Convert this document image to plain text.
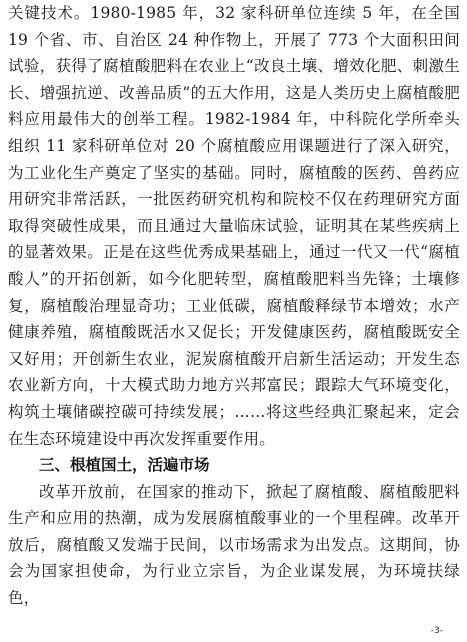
关键技术。1980-1985 年，32 家科研单位连续 5 年，在全国 19 个省、市、自治区 24 种作物上，开展了 773 个大面积田间试验，获得了腐植酸肥料在农业上“改良土壤、增效化肥、刺激生长、增强抗逆、改善品质”的五大作用，这是人类历史上腐植酸肥料应用最伟大的创举工程。1982-1984 年，中科院化学所牵头组织 11 家科研单位对 20 个腐植酸应用课题进行了深入研究，为工业化生产奠定了坚实的基础。同时，腐植酸的医药、兽药应用研究非常活跃，一批医药研究机构和院校不仅在药理研究方面取得突破性成果，而且通过大量临床试验，证明其在某些疾病上的显著效果。正是在这些优秀成果基础上，通过一代又一代“腐植酸人”的开拓创新，如今化肥转型，腐植酸肥料当先锋；土壤修复，腐植酸治理显奇功；工业低碳，腐植酸释绿节本增效；水产健康养殖，腐植酸既活水又促长；开发健康医药，腐植酸既安全又好用；开创新生农业，泥炭腐植酸开启新生活运动；开发生态农业新方向，十大模式助力地方兴邦富民；跟踪大气环境变化，构筑土壤储碳控碳可持续发展；……将这些经典汇聚起来，定会在生态环境建设中再次发挥重要作用。

三、根植国土，活遍市场

改革开放前，在国家的推动下，掀起了腐植酸、腐植酸肥料生产和应用的热潮，成为发展腐植酸事业的一个里程碑。改革开放后，腐植酸又发端于民间，以市场需求为出发点。这期间，协会为国家担使命，为行业立宗旨，为企业谋发展，为环境扶绿色，

-3-
